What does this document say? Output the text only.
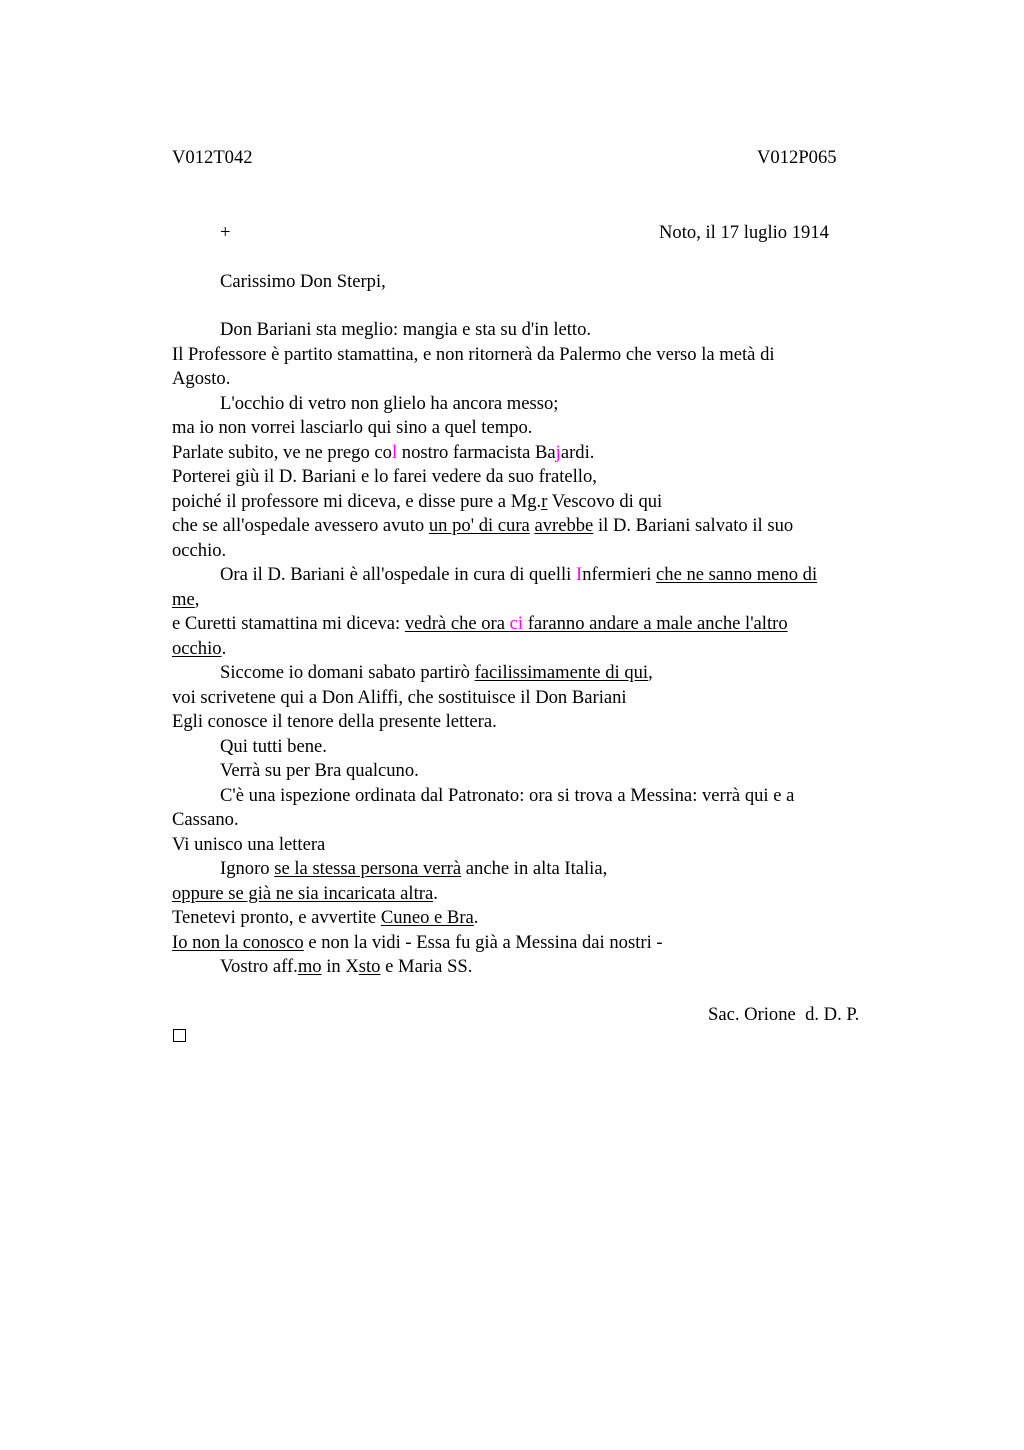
V012T042	V012P065
+	Noto, il 17 luglio 1914
Carissimo Don Sterpi,
Don Bariani sta meglio: mangia e sta su d'in letto.
Il Professore è partito stamattina, e non ritornerà da Palermo che verso la metà di
Agosto.
L'occhio di vetro non glielo ha ancora messo;
ma io non vorrei lasciarlo qui sino a quel tempo.
Parlate subito, ve ne prego col nostro farmacista Bajardi.
Porterei giù il D. Bariani e lo farei vedere da suo fratello,
poiché il professore mi diceva, e disse pure a Mg.r Vescovo di qui
che se all'ospedale avessero avuto un po' di cura avrebbe il D. Bariani salvato il suo
occhio.
Ora il D. Bariani è all'ospedale in cura di quelli Infermieri che ne sanno meno di
me,
e Curetti stamattina mi diceva: vedrà che ora ci faranno andare a male anche l'altro
occhio.
Siccome io domani sabato partirò facilissimamente di qui,
voi scrivetene qui a Don Aliffi, che sostituisce il Don Bariani
Egli conosce il tenore della presente lettera.
Qui tutti bene.
Verrà su per Bra qualcuno.
C'è una ispezione ordinata dal Patronato: ora si trova a Messina: verrà qui e a
Cassano.
Vi unisco una lettera
Ignoro se la stessa persona verrà anche in alta Italia,
oppure se già ne sia incaricata altra.
Tenetevi pronto, e avvertite Cuneo e Bra.
Io non la conosco e non la vidi - Essa fu già a Messina dai nostri -
Vostro aff.mo in Xsto e Maria SS.
Sac. Orione  d. D. P.
